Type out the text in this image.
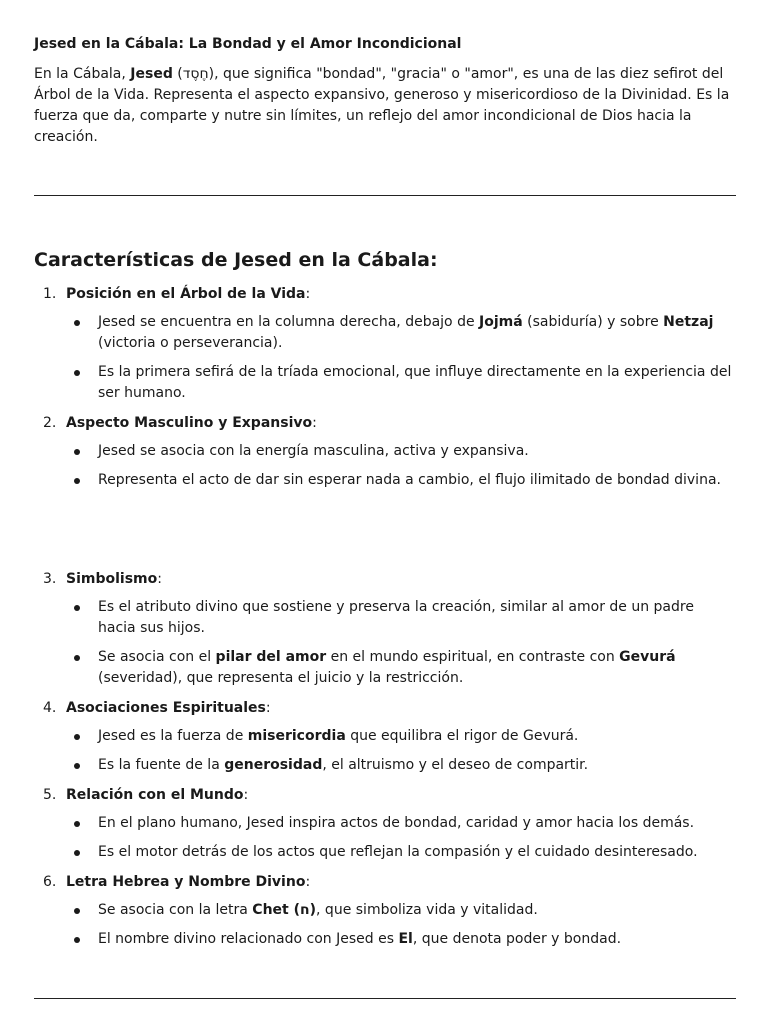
Jesed en la Cábala: La Bondad y el Amor Incondicional

En la Cábala, Jesed (חֶסֶד), que significa "bondad", "gracia" o "amor", es una de las diez sefirot del Árbol de la Vida. Representa el aspecto expansivo, generoso y misericordioso de la Divinidad. Es la fuerza que da, comparte y nutre sin límites, un reflejo del amor incondicional de Dios hacia la creación.

Características de Jesed en la Cábala:

1. Posición en el Árbol de la Vida:

Jesed se encuentra en la columna derecha, debajo de Jojmá (sabiduría) y sobre Netzaj (victoria o perseverancia).
Es la primera sefirá de la tríada emocional, que influye directamente en la experiencia del ser humano.

2. Aspecto Masculino y Expansivo:

Jesed se asocia con la energía masculina, activa y expansiva.
Representa el acto de dar sin esperar nada a cambio, el flujo ilimitado de bondad divina.

3. Simbolismo:

Es el atributo divino que sostiene y preserva la creación, similar al amor de un padre hacia sus hijos.
Se asocia con el pilar del amor en el mundo espiritual, en contraste con Gevurá (severidad), que representa el juicio y la restricción.

4. Asociaciones Espirituales:

Jesed es la fuerza de misericordia que equilibra el rigor de Gevurá.
Es la fuente de la generosidad, el altruismo y el deseo de compartir.

5. Relación con el Mundo:

En el plano humano, Jesed inspira actos de bondad, caridad y amor hacia los demás.
Es el motor detrás de los actos que reflejan la compasión y el cuidado desinteresado.

6. Letra Hebrea y Nombre Divino:

Se asocia con la letra Chet (ח), que simboliza vida y vitalidad.
El nombre divino relacionado con Jesed es El, que denota poder y bondad.
